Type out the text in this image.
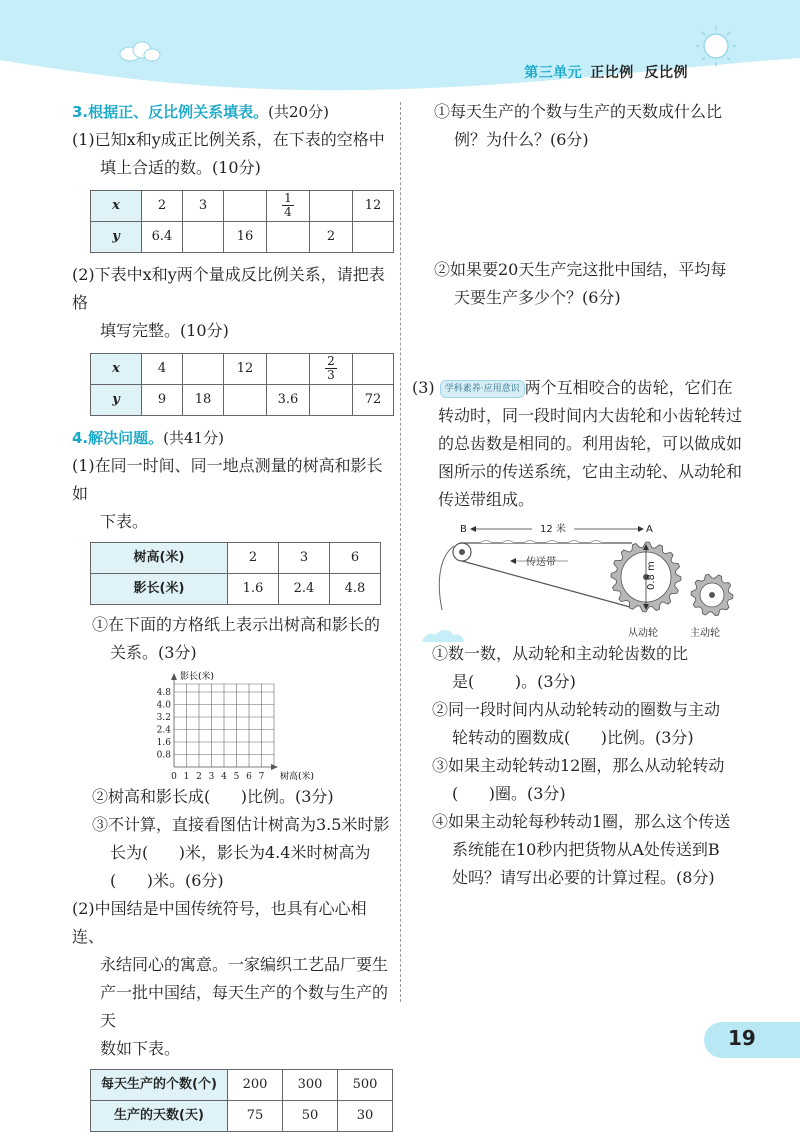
第三单元 正比例  反比例

3.根据正、反比例关系填表。(共20分)

(1)已知x和y成正比例关系，在下表的空格中

填上合适的数。(10分)

x	2	3		$\frac{1}{4}$		12
y	6.4		16		2	

(2)下表中x和y两个量成反比例关系，请把表格

填写完整。(10分)

x	4		12		$\frac{2}{3}$

y	9	18		3.6		72

4.解决问题。(共41分)

(1)在同一时间、同一地点测量的树高和影长如

下表。

树高(米)	2	3	6
影长(米)	1.6	2.4	4.8

①在下面的方格纸上表示出树高和影长的

关系。(3分)

4.8
4.0
3.2
2.4
1.6
0.8
0 1 2 3 4 5 6 7
影长(米)
树高(米)

②树高和影长成(      )比例。(3分)

③不计算，直接看图估计树高为3.5米时影

长为(      )米，影长为4.4米时树高为

(      )米。(6分)

(2)中国结是中国传统符号，也具有心心相连、

永结同心的寓意。一家编织工艺品厂要生

产一批中国结，每天生产的个数与生产的天

数如下表。

每天生产的个数(个)	200	300	500
生产的天数(天)	75	50	30

①每天生产的个数与生产的天数成什么比

例？为什么？(6分)

②如果要20天生产完这批中国结，平均每

天要生产多少个？(6分)

(3) 学科素养·应用意识 两个互相咬合的齿轮，它们在

转动时，同一段时间内大齿轮和小齿轮转过

的总齿数是相同的。利用齿轮，可以做成如

图所示的传送系统，它由主动轮、从动轮和

传送带组成。

B	12 米	A
传送带	0.8 m
从动轮	主动轮

①数一数，从动轮和主动轮齿数的比

是(        )。(3分)

②同一段时间内从动轮转动的圈数与主动

轮转动的圈数成(      )比例。(3分)

③如果主动轮转动12圈，那么从动轮转动

(      )圈。(3分)

④如果主动轮每秒转动1圈，那么这个传送

系统能在10秒内把货物从A处传送到B

处吗？请写出必要的计算过程。(8分)

19
